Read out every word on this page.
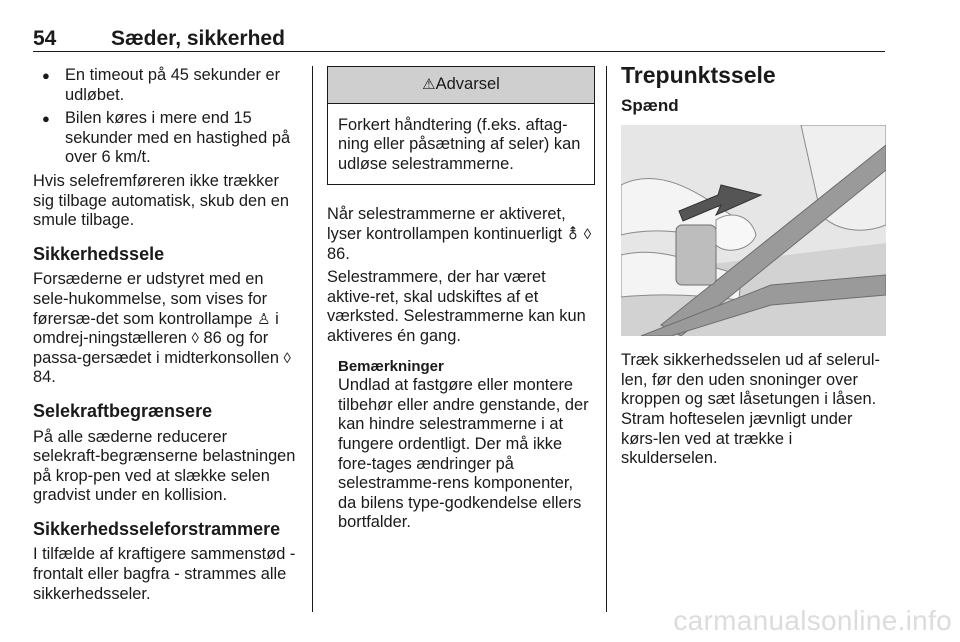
54	Sæder, sikkerhed

● En timeout på 45 sekunder er udløbet.

● Bilen køres i mere end 15 sekunder med en hastighed på over 6 km/t.

Hvis selefremføreren ikke trækker sig tilbage automatisk, skub den en smule tilbage.

Sikkerhedssele

Forsæderne er udstyret med en sele-hukommelse, som vises for førersæ-det som kontrollampe ♙ i omdrej-ningstælleren ◊ 86 og for passa-gersædet i midterkonsollen ◊ 84.

Selekraftbegrænsere

På alle sæderne reducerer selekraft-begrænserne belastningen på krop-pen ved at slække selen gradvist under en kollision.

Sikkerhedsseleforstrammere

I tilfælde af kraftigere sammenstød - frontalt eller bagfra - strammes alle sikkerhedsseler.

⚠Advarsel
Forkert håndtering (f.eks. aftag-ning eller påsætning af seler) kan udløse selestrammerne.

Når selestrammerne er aktiveret, lyser kontrollampen kontinuerligt ⚨ ◊ 86.

Selestrammere, der har været aktive-ret, skal udskiftes af et værksted. Selestrammerne kan kun aktiveres én gang.

Bemærkninger

Undlad at fastgøre eller montere tilbehør eller andre genstande, der kan hindre selestrammerne i at fungere ordentligt. Der må ikke fore-tages ændringer på selestramme-rens komponenter, da bilens type-godkendelse ellers bortfalder.

Trepunktssele

Spænd

Træk sikkerhedsselen ud af selerul-len, før den uden snoninger over kroppen og sæt låsetungen i låsen. Stram hofteselen jævnligt under kørs-len ved at trække i skulderselen.

carmanualsonline.info
